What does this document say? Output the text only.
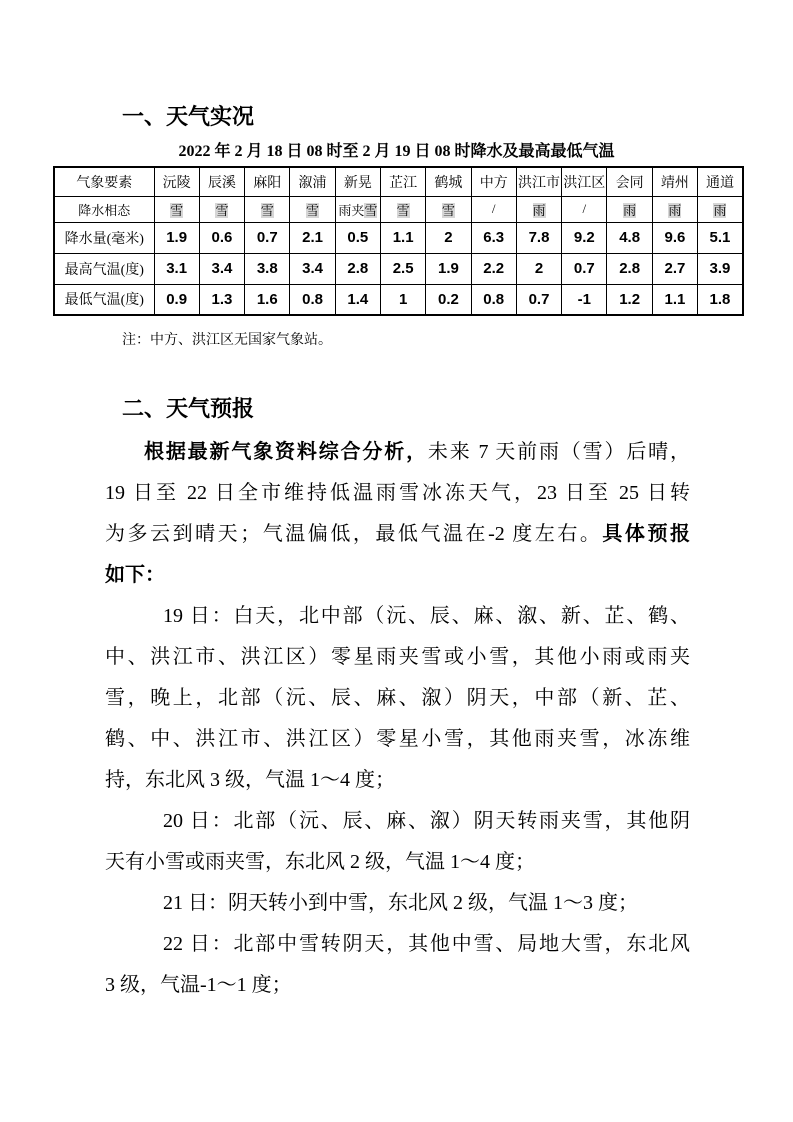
一、天气实况
2022 年 2 月 18 日 08 时至 2 月 19 日 08 时降水及最高最低气温
气象要素	沅陵	辰溪	麻阳	溆浦	新晃	芷江	鹤城	中方	洪江市	洪江区	会同	靖州	通道
降水相态	雪	雪	雪	雪	雨夹雪	雪	雪	/	雨	/	雨	雨	雨
降水量(毫米)	1.9	0.6	0.7	2.1	0.5	1.1	2	6.3	7.8	9.2	4.8	9.6	5.1
最高气温(度)	3.1	3.4	3.8	3.4	2.8	2.5	1.9	2.2	2	0.7	2.8	2.7	3.9
最低气温(度)	0.9	1.3	1.6	0.8	1.4	1	0.2	0.8	0.7	-1	1.2	1.1	1.8
注：中方、洪江区无国家气象站。
二、天气预报
根据最新气象资料综合分析，未来 7 天前雨（雪）后晴，
19 日至 22 日全市维持低温雨雪冰冻天气，23 日至 25 日转
为多云到晴天；气温偏低，最低气温在-2 度左右。具体预报
如下：
19 日：白天，北中部（沅、辰、麻、溆、新、芷、鹤、
中、洪江市、洪江区）零星雨夹雪或小雪，其他小雨或雨夹
雪，晚上，北部（沅、辰、麻、溆）阴天，中部（新、芷、
鹤、中、洪江市、洪江区）零星小雪，其他雨夹雪，冰冻维
持，东北风 3 级，气温 1～4 度；
20 日：北部（沅、辰、麻、溆）阴天转雨夹雪，其他阴
天有小雪或雨夹雪，东北风 2 级，气温 1～4 度；
21 日：阴天转小到中雪，东北风 2 级，气温 1～3 度；
22 日：北部中雪转阴天，其他中雪、局地大雪，东北风
3 级，气温-1～1 度；
